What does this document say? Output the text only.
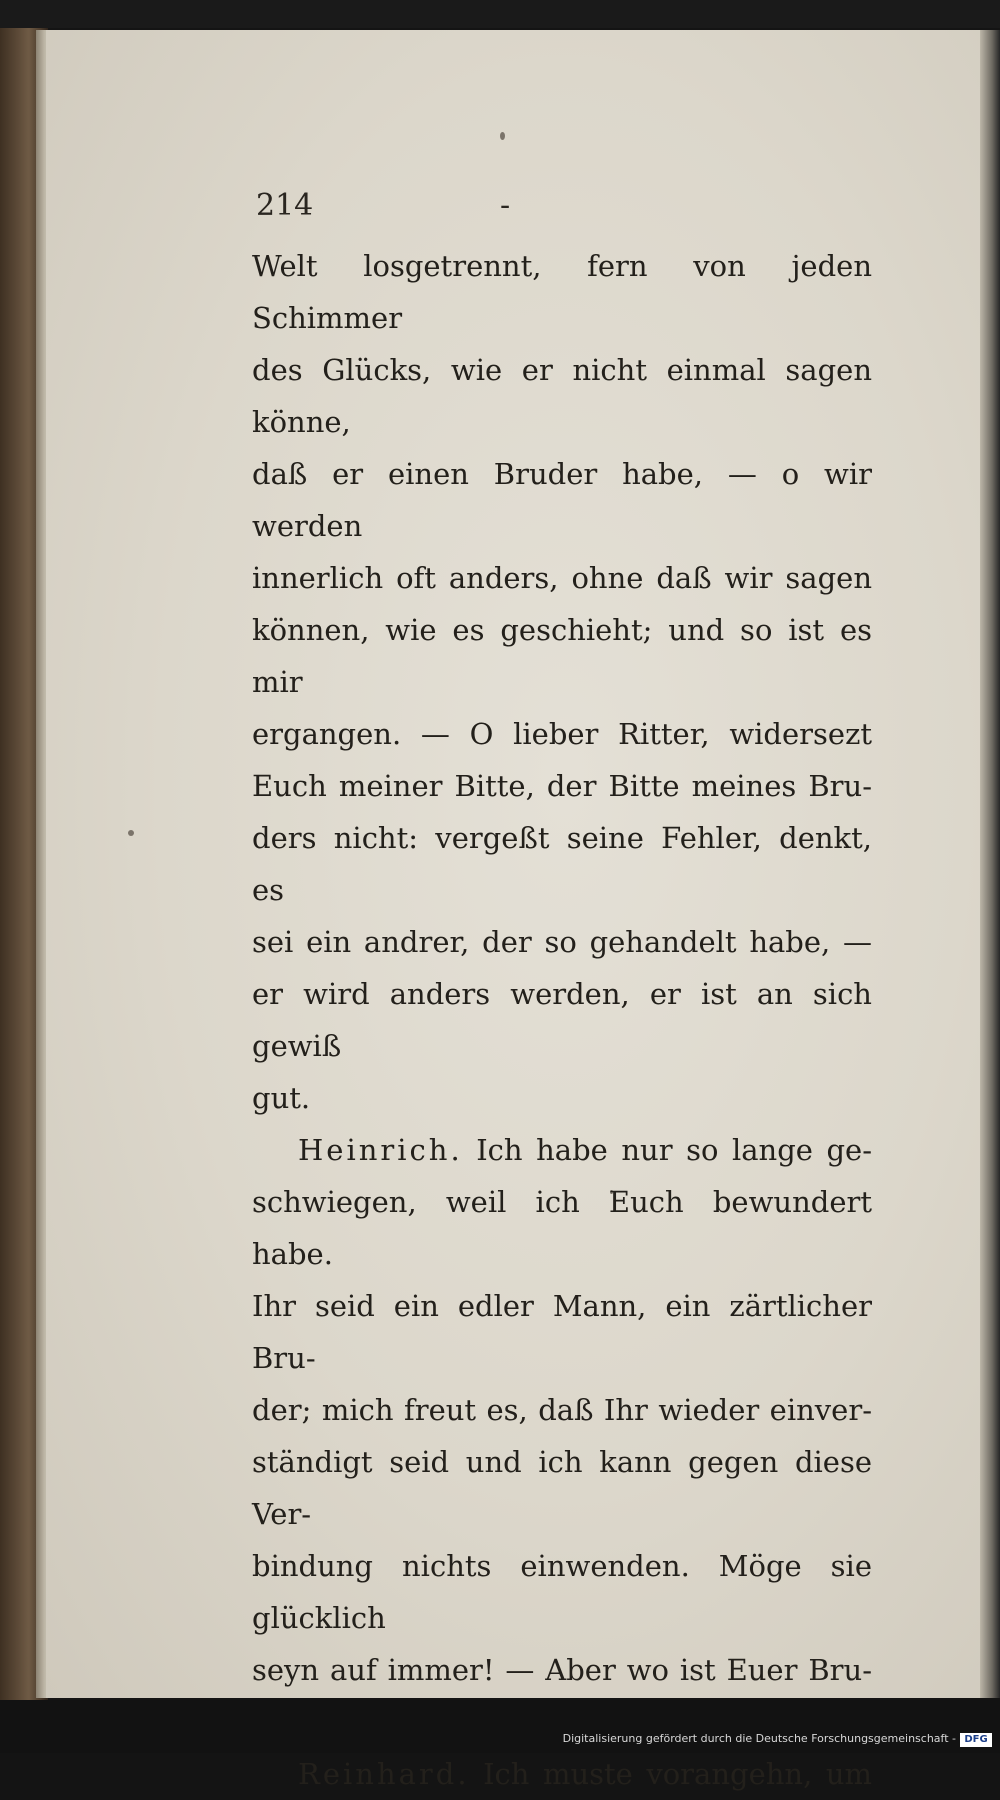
214	-

Welt losgetrennt, fern von jeden Schimmer

des Glücks, wie er nicht einmal sagen könne,

daß er einen Bruder habe, — o wir werden

innerlich oft anders, ohne daß wir sagen

können, wie es geschieht; und so ist es mir

ergangen. — O lieber Ritter, widersezt

Euch meiner Bitte, der Bitte meines Bru-

ders nicht: vergeßt seine Fehler, denkt, es

sei ein andrer, der so gehandelt habe, —

er wird anders werden, er ist an sich gewiß

gut.

Heinrich. Ich habe nur so lange ge-

schwiegen, weil ich Euch bewundert habe.

Ihr seid ein edler Mann, ein zärtlicher Bru-

der; mich freut es, daß Ihr wieder einver-

ständigt seid und ich kann gegen diese Ver-

bindung nichts einwenden. Möge sie glücklich

seyn auf immer! — Aber wo ist Euer Bru-

Reinhard. Ich muste vorangehn, um

Digitalisierung gefördert durch die Deutsche Forschungsgemeinschaft - DFG
